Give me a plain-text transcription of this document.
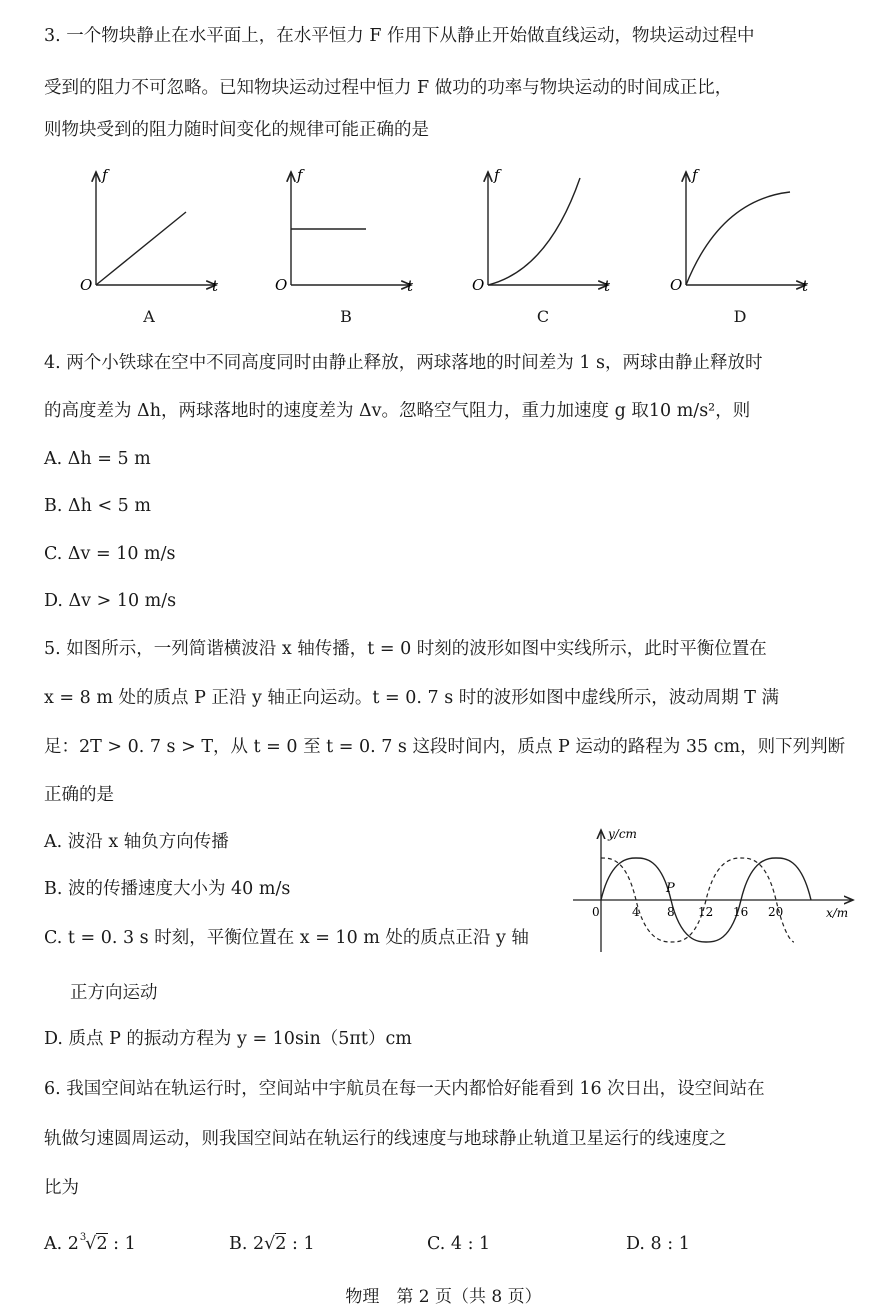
3. 一个物块静止在水平面上，在水平恒力 F 作用下从静止开始做直线运动，物块运动过程中
受到的阻力不可忽略。已知物块运动过程中恒力 F 做功的功率与物块运动的时间成正比，
则物块受到的阻力随时间变化的规律可能正确的是
f
t
O
f
t
O
f
t
O
f
t
O
A	B	C	D
4. 两个小铁球在空中不同高度同时由静止释放，两球落地的时间差为 1 s，两球由静止释放时
的高度差为 Δh，两球落地时的速度差为 Δv。忽略空气阻力，重力加速度 g 取10 m/s²，则
A. Δh = 5 m
B. Δh < 5 m
C. Δv = 10 m/s
D. Δv > 10 m/s
5. 如图所示，一列简谐横波沿 x 轴传播，t = 0 时刻的波形如图中实线所示，此时平衡位置在
x = 8 m 处的质点 P 正沿 y 轴正向运动。t = 0. 7 s 时的波形如图中虚线所示，波动周期 T 满
足：2T > 0. 7 s > T，从 t = 0 至 t = 0. 7 s 这段时间内，质点 P 运动的路程为 35 cm，则下列判断
正确的是
A. 波沿 x 轴负方向传播
B. 波的传播速度大小为 40 m/s
C. t = 0. 3 s 时刻，平衡位置在 x = 10 m 处的质点正沿 y 轴
正方向运动
D. 质点 P 的振动方程为 y = 10sin（5πt）cm
y/cm
x/m
0	4 8 12 16 20
P
6. 我国空间站在轨运行时，空间站中宇航员在每一天内都恰好能看到 16 次日出，设空间站在
轨做匀速圆周运动，则我国空间站在轨运行的线速度与地球静止轨道卫星运行的线速度之
比为
A. $2^3√2$ : 1	B. 2√2 : 1	C. 4 : 1	D. 8 : 1
物理　第 2 页（共 8 页）
